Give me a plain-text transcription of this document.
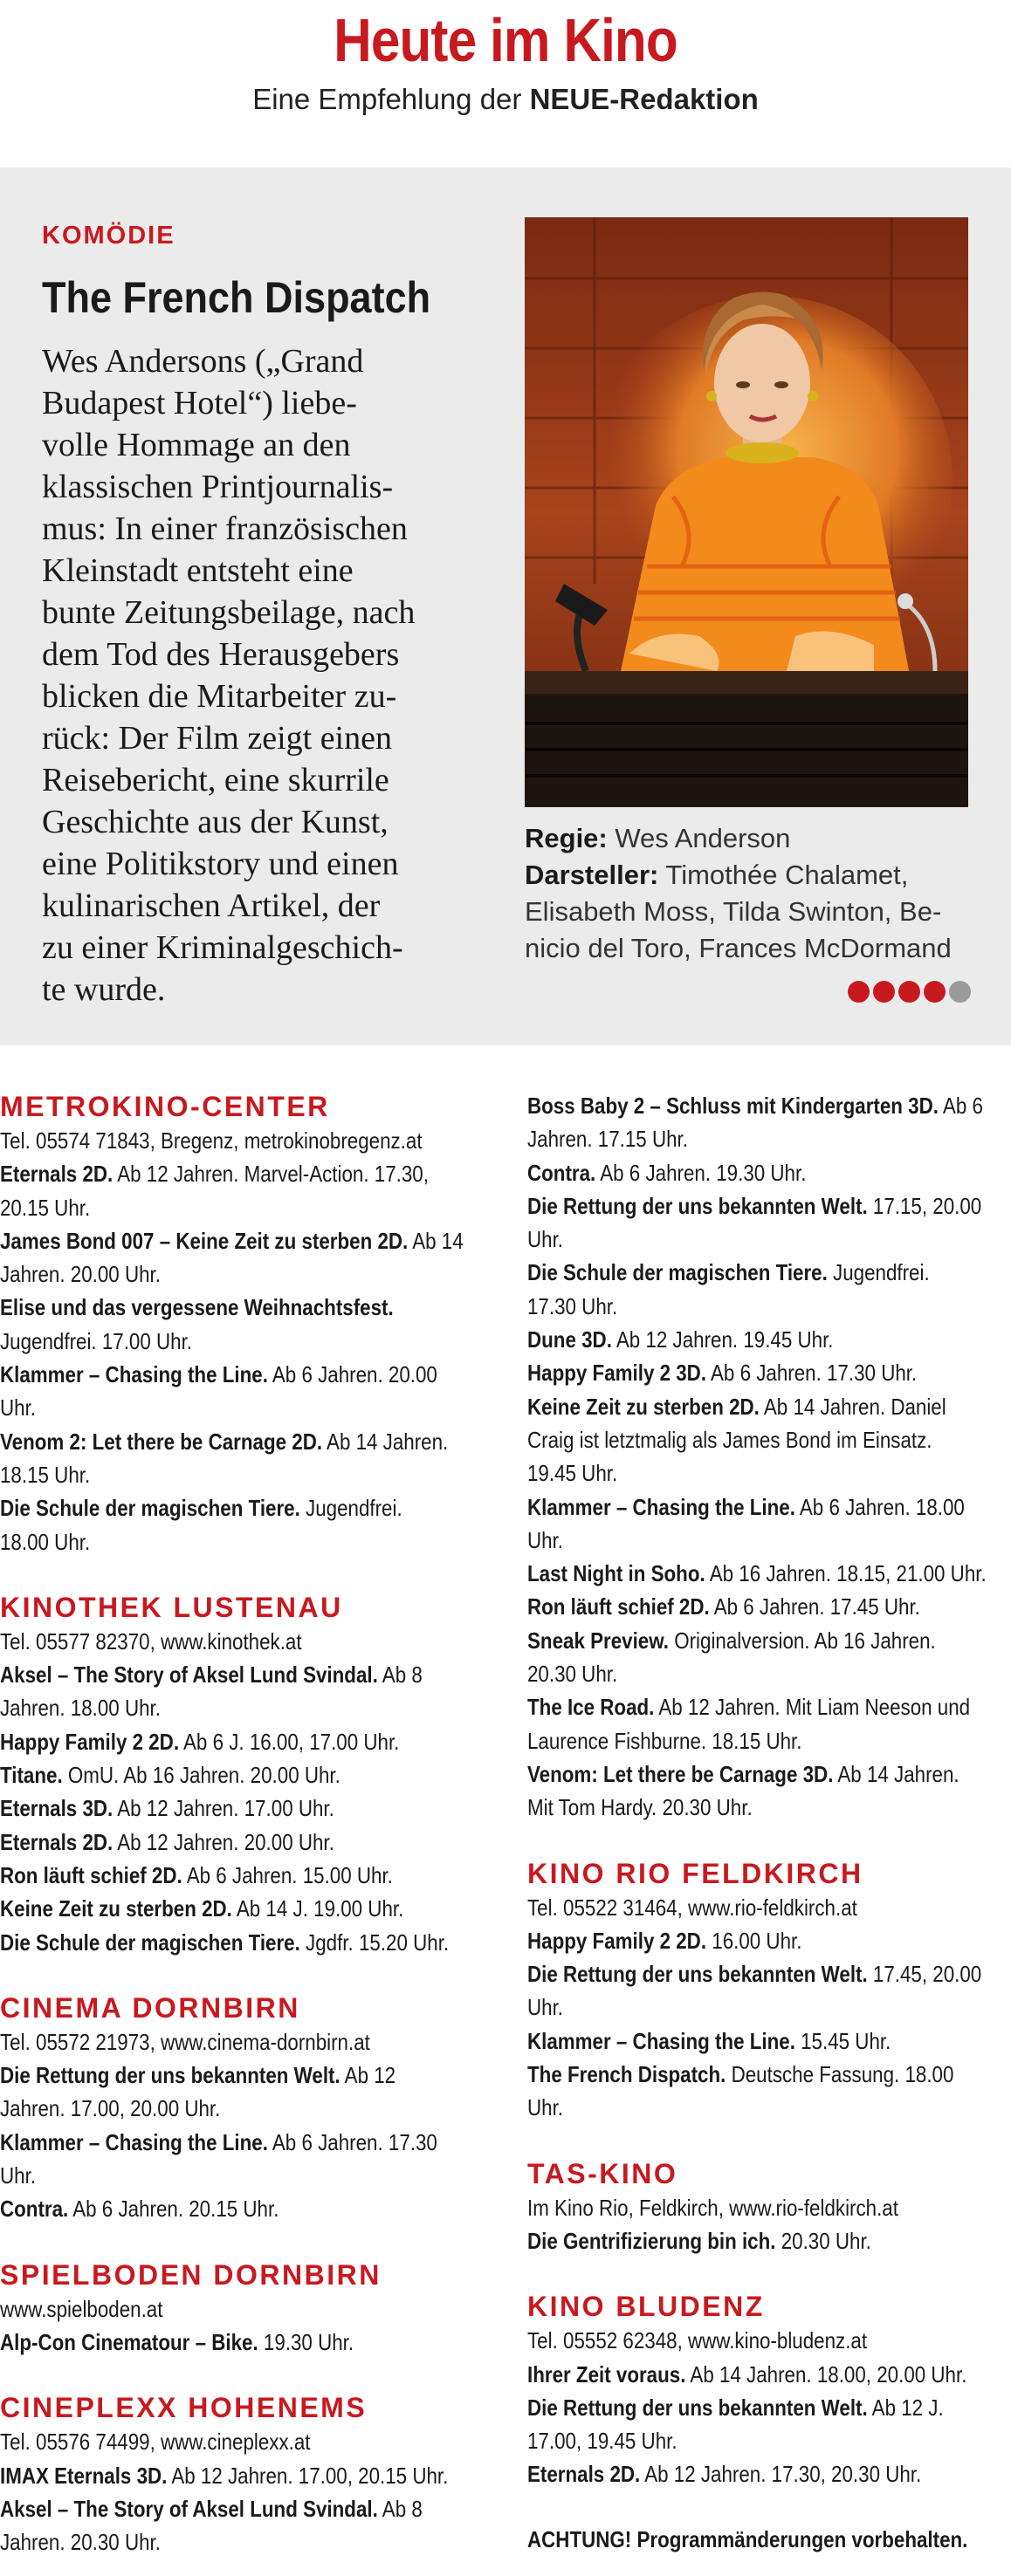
Heute im Kino
Eine Empfehlung der NEUE-Redaktion
KOMÖDIE
The French Dispatch
Wes Andersons („Grand
Budapest Hotel“) liebe-
volle Hommage an den
klassischen Printjournalis-
mus: In einer französischen
Kleinstadt entsteht eine
bunte Zeitungsbeilage, nach
dem Tod des Herausgebers
blicken die Mitarbeiter zu-
rück: Der Film zeigt einen
Reisebericht, eine skurrile
Geschichte aus der Kunst,
eine Politikstory und einen
kulinarischen Artikel, der
zu einer Kriminalgeschich-
te wurde.
Regie: Wes Anderson
Darsteller: Timothée Chalamet,
Elisabeth Moss, Tilda Swinton, Be-
nicio del Toro, Frances McDormand
METROKINO-CENTER
Tel. 05574 71843, Bregenz, metrokinobregenz.at
Eternals 2D. Ab 12 Jahren. Marvel-Action. 17.30,
20.15 Uhr.
James Bond 007 – Keine Zeit zu sterben 2D. Ab 14
Jahren. 20.00 Uhr.
Elise und das vergessene Weihnachtsfest.
Jugendfrei. 17.00 Uhr.
Klammer – Chasing the Line. Ab 6 Jahren. 20.00
Uhr.
Venom 2: Let there be Carnage 2D. Ab 14 Jahren.
18.15 Uhr.
Die Schule der magischen Tiere. Jugendfrei.
18.00 Uhr.
KINOTHEK LUSTENAU
Tel. 05577 82370, www.kinothek.at
Aksel – The Story of Aksel Lund Svindal. Ab 8
Jahren. 18.00 Uhr.
Happy Family 2 2D. Ab 6 J. 16.00, 17.00 Uhr.
Titane. OmU. Ab 16 Jahren. 20.00 Uhr.
Eternals 3D. Ab 12 Jahren. 17.00 Uhr.
Eternals 2D. Ab 12 Jahren. 20.00 Uhr.
Ron läuft schief 2D. Ab 6 Jahren. 15.00 Uhr.
Keine Zeit zu sterben 2D. Ab 14 J. 19.00 Uhr.
Die Schule der magischen Tiere. Jgdfr. 15.20 Uhr.
CINEMA DORNBIRN
Tel. 05572 21973, www.cinema-dornbirn.at
Die Rettung der uns bekannten Welt. Ab 12
Jahren. 17.00, 20.00 Uhr.
Klammer – Chasing the Line. Ab 6 Jahren. 17.30
Uhr.
Contra. Ab 6 Jahren. 20.15 Uhr.
SPIELBODEN DORNBIRN
www.spielboden.at
Alp-Con Cinematour – Bike. 19.30 Uhr.
CINEPLEXX HOHENEMS
Tel. 05576 74499, www.cineplexx.at
IMAX Eternals 3D. Ab 12 Jahren. 17.00, 20.15 Uhr.
Aksel – The Story of Aksel Lund Svindal. Ab 8
Jahren. 20.30 Uhr.
Boss Baby 2 – Schluss mit Kindergarten 3D. Ab 6
Jahren. 17.15 Uhr.
Contra. Ab 6 Jahren. 19.30 Uhr.
Die Rettung der uns bekannten Welt. 17.15, 20.00
Uhr.
Die Schule der magischen Tiere. Jugendfrei.
17.30 Uhr.
Dune 3D. Ab 12 Jahren. 19.45 Uhr.
Happy Family 2 3D. Ab 6 Jahren. 17.30 Uhr.
Keine Zeit zu sterben 2D. Ab 14 Jahren. Daniel
Craig ist letztmalig als James Bond im Einsatz.
19.45 Uhr.
Klammer – Chasing the Line. Ab 6 Jahren. 18.00
Uhr.
Last Night in Soho. Ab 16 Jahren. 18.15, 21.00 Uhr.
Ron läuft schief 2D. Ab 6 Jahren. 17.45 Uhr.
Sneak Preview. Originalversion. Ab 16 Jahren.
20.30 Uhr.
The Ice Road. Ab 12 Jahren. Mit Liam Neeson und
Laurence Fishburne. 18.15 Uhr.
Venom: Let there be Carnage 3D. Ab 14 Jahren.
Mit Tom Hardy. 20.30 Uhr.
KINO RIO FELDKIRCH
Tel. 05522 31464, www.rio-feldkirch.at
Happy Family 2 2D. 16.00 Uhr.
Die Rettung der uns bekannten Welt. 17.45, 20.00
Uhr.
Klammer – Chasing the Line. 15.45 Uhr.
The French Dispatch. Deutsche Fassung. 18.00
Uhr.
TAS-KINO
Im Kino Rio, Feldkirch, www.rio-feldkirch.at
Die Gentrifizierung bin ich. 20.30 Uhr.
KINO BLUDENZ
Tel. 05552 62348, www.kino-bludenz.at
Ihrer Zeit voraus. Ab 14 Jahren. 18.00, 20.00 Uhr.
Die Rettung der uns bekannten Welt. Ab 12 J.
17.00, 19.45 Uhr.
Eternals 2D. Ab 12 Jahren. 17.30, 20.30 Uhr.
ACHTUNG! Programmänderungen vorbehalten.
